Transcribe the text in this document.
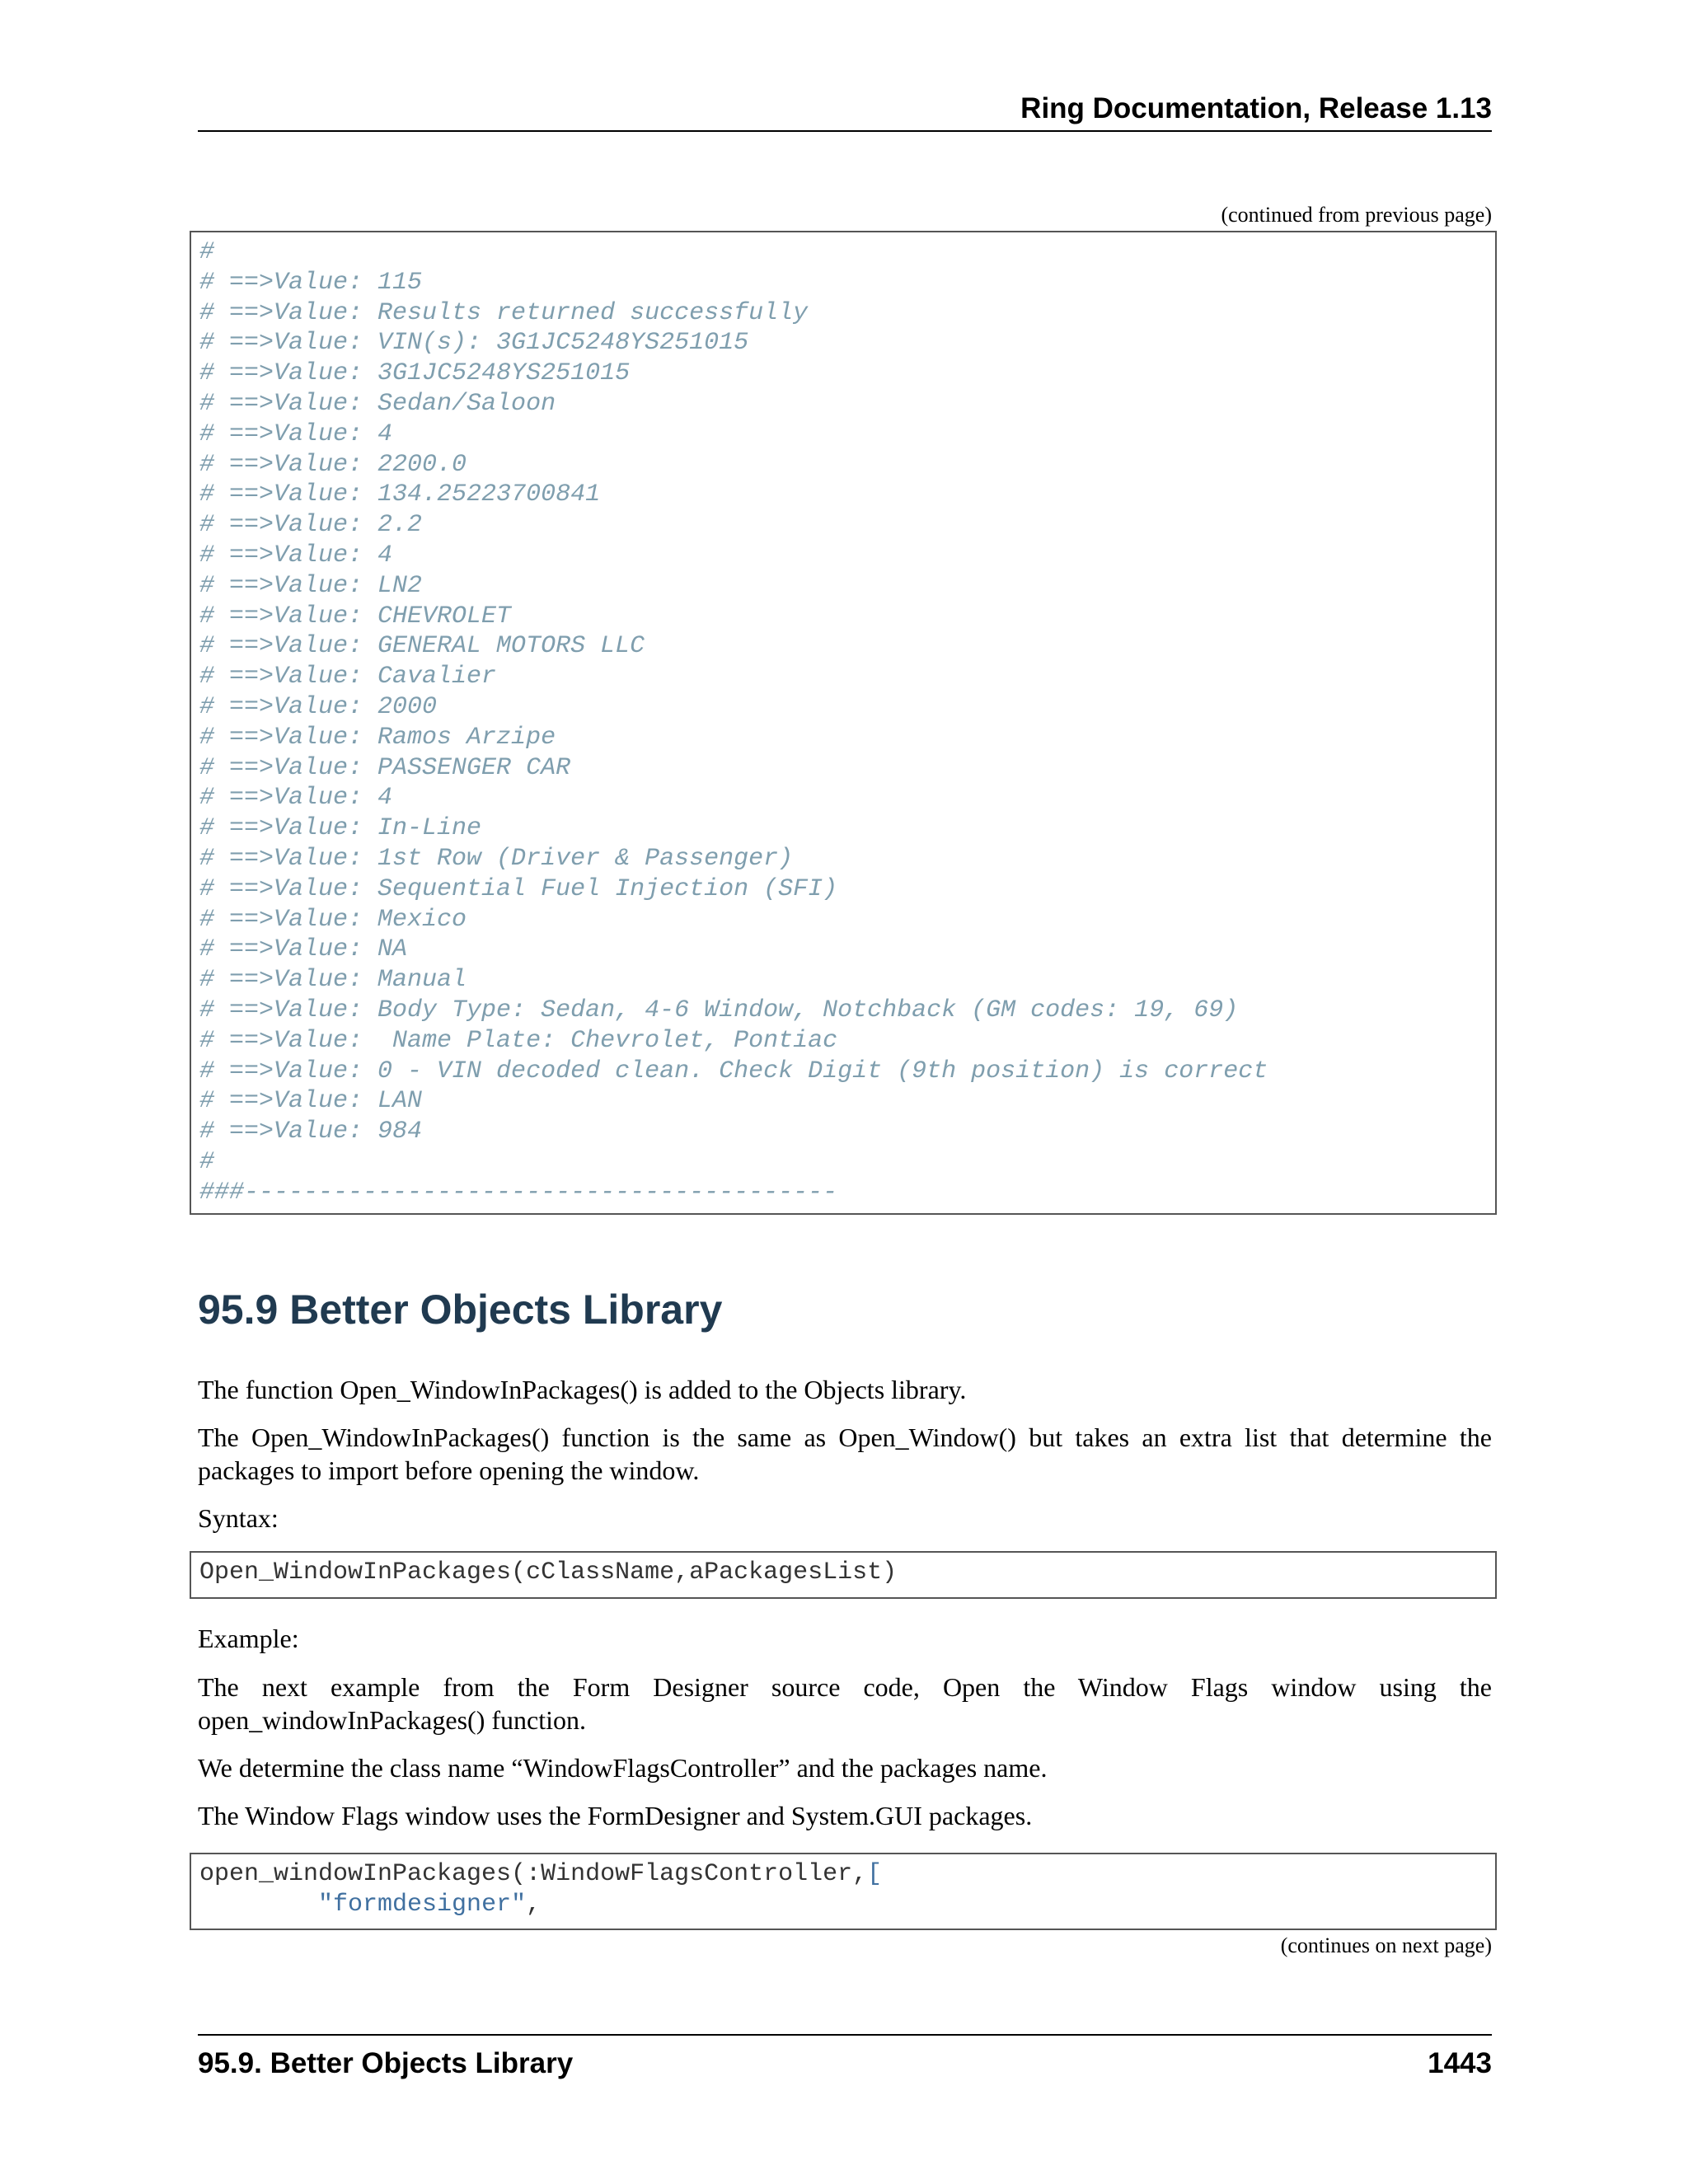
Ring Documentation, Release 1.13
(continued from previous page)
#
# ==>Value: 115
# ==>Value: Results returned successfully
# ==>Value: VIN(s): 3G1JC5248YS251015
# ==>Value: 3G1JC5248YS251015
# ==>Value: Sedan/Saloon
# ==>Value: 4
# ==>Value: 2200.0
# ==>Value: 134.25223700841
# ==>Value: 2.2
# ==>Value: 4
# ==>Value: LN2
# ==>Value: CHEVROLET
# ==>Value: GENERAL MOTORS LLC
# ==>Value: Cavalier
# ==>Value: 2000
# ==>Value: Ramos Arzipe
# ==>Value: PASSENGER CAR
# ==>Value: 4
# ==>Value: In-Line
# ==>Value: 1st Row (Driver & Passenger)
# ==>Value: Sequential Fuel Injection (SFI)
# ==>Value: Mexico
# ==>Value: NA
# ==>Value: Manual
# ==>Value: Body Type: Sedan, 4-6 Window, Notchback (GM codes: 19, 69)
# ==>Value:  Name Plate: Chevrolet, Pontiac
# ==>Value: 0 - VIN decoded clean. Check Digit (9th position) is correct
# ==>Value: LAN
# ==>Value: 984
#
###----------------------------------------
95.9 Better Objects Library

The function Open_WindowInPackages() is added to the Objects library.

The Open_WindowInPackages() function is the same as Open_Window() but takes an extra list that determine the packages to import before opening the window.

Syntax:

Open_WindowInPackages(cClassName,aPackagesList)

Example:

The next example from the Form Designer source code, Open the Window Flags window using the open_windowInPackages() function.

We determine the class name “WindowFlagsController” and the packages name.

The Window Flags window uses the FormDesigner and System.GUI packages.

open_windowInPackages(:WindowFlagsController,[
"formdesigner",
(continues on next page)
95.9. Better Objects Library	1443
